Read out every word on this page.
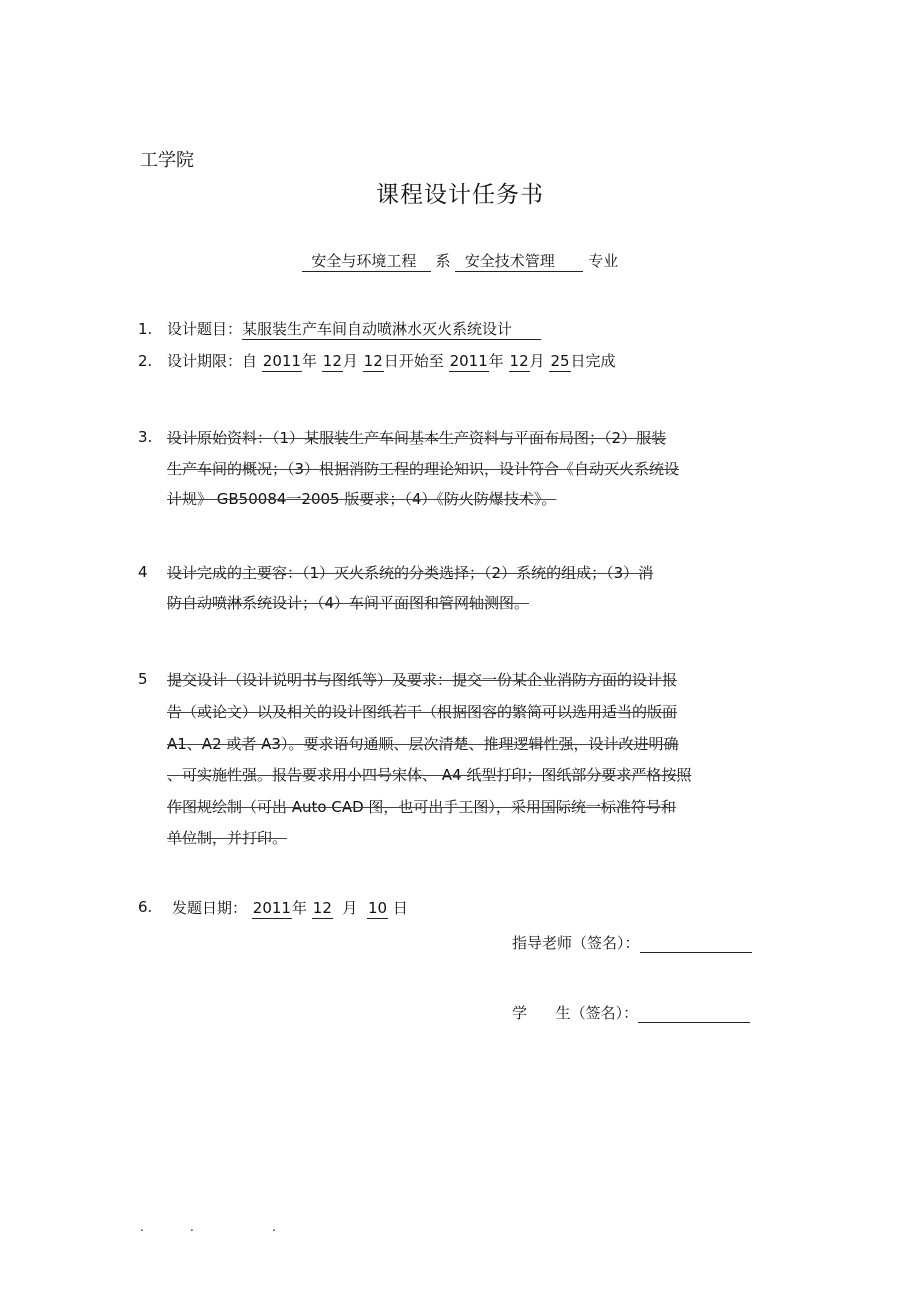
工学院
课程设计任务书
安全与环境工程 系 安全技术管理 专业
1. 设计题目：某服装生产车间自动喷淋水灭火系统设计
2. 设计期限：自 2011年 12月 12日开始至 2011年 12月 25日完成
3. 设计原始资料：（1）某服装生产车间基本生产资料与平面布局图；（2）服装
生产车间的概况；（3）根据消防工程的理论知识，设计符合《自动灭火系统设
计规》 GB50084一2005 版要求；（4）《防火防爆技术》。
4 设计完成的主要容：（1）灭火系统的分类选择；（2）系统的组成；（3）消
防自动喷淋系统设计；（4）车间平面图和管网轴测图。
5 提交设计（设计说明书与图纸等）及要求：提交一份某企业消防方面的设计报
告（或论文）以及相关的设计图纸若干（根据图容的繁简可以选用适当的版面
A1、A2 或者 A3）。要求语句通顺、层次清楚、推理逻辑性强，设计改进明确
、可实施性强。报告要求用小四号宋体、 A4 纸型打印；图纸部分要求严格按照
作图规绘制（可出 Auto CAD 图，也可出手工图），采用国际统一标准符号和
单位制，并打印。
6. 发题日期： 2011年 12 月 10 日
指导老师（签名）：
学 生（签名）：
.	.	.
